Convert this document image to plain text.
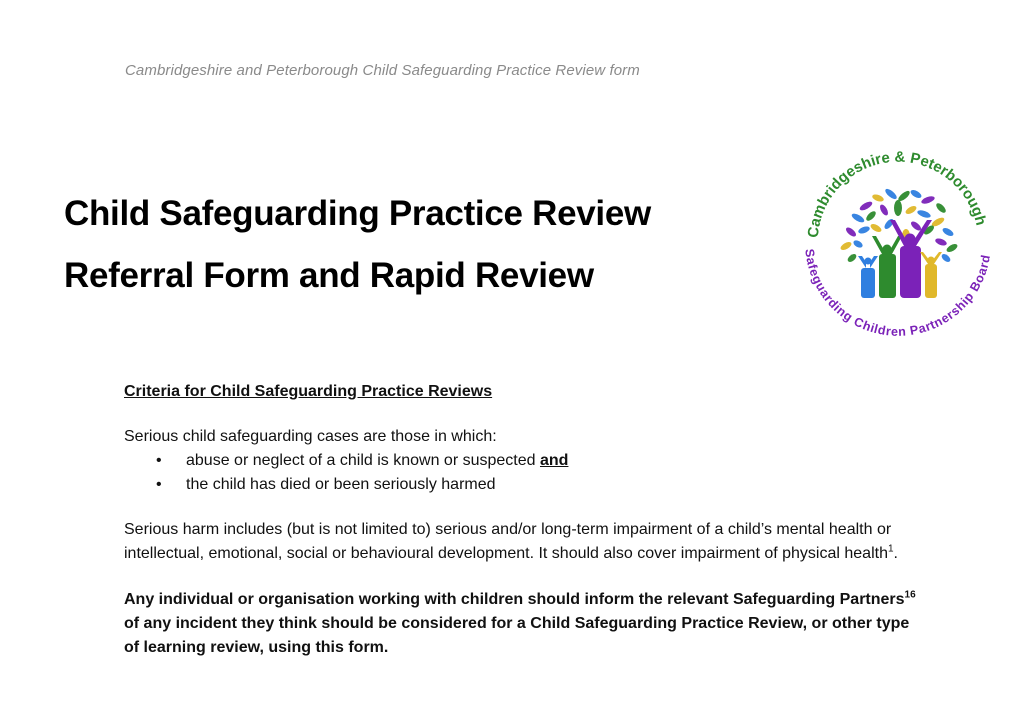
Cambridgeshire and Peterborough Child Safeguarding Practice Review form
Child Safeguarding Practice Review
Referral Form and Rapid Review
Cambridgeshire & Peterborough
Safeguarding Children Partnership Board
Criteria for Child Safeguarding Practice Reviews

Serious child safeguarding cases are those in which:

• abuse or neglect of a child is known or suspected and
• the child has died or been seriously harmed

Serious harm includes (but is not limited to) serious and/or long-term impairment of a child’s mental health or intellectual, emotional, social or behavioural development. It should also cover impairment of physical health$^1$.

Any individual or organisation working with children should inform the relevant Safeguarding Partners$^{16}$ of any incident they think should be considered for a Child Safeguarding Practice Review, or other type of learning review, using this form.
